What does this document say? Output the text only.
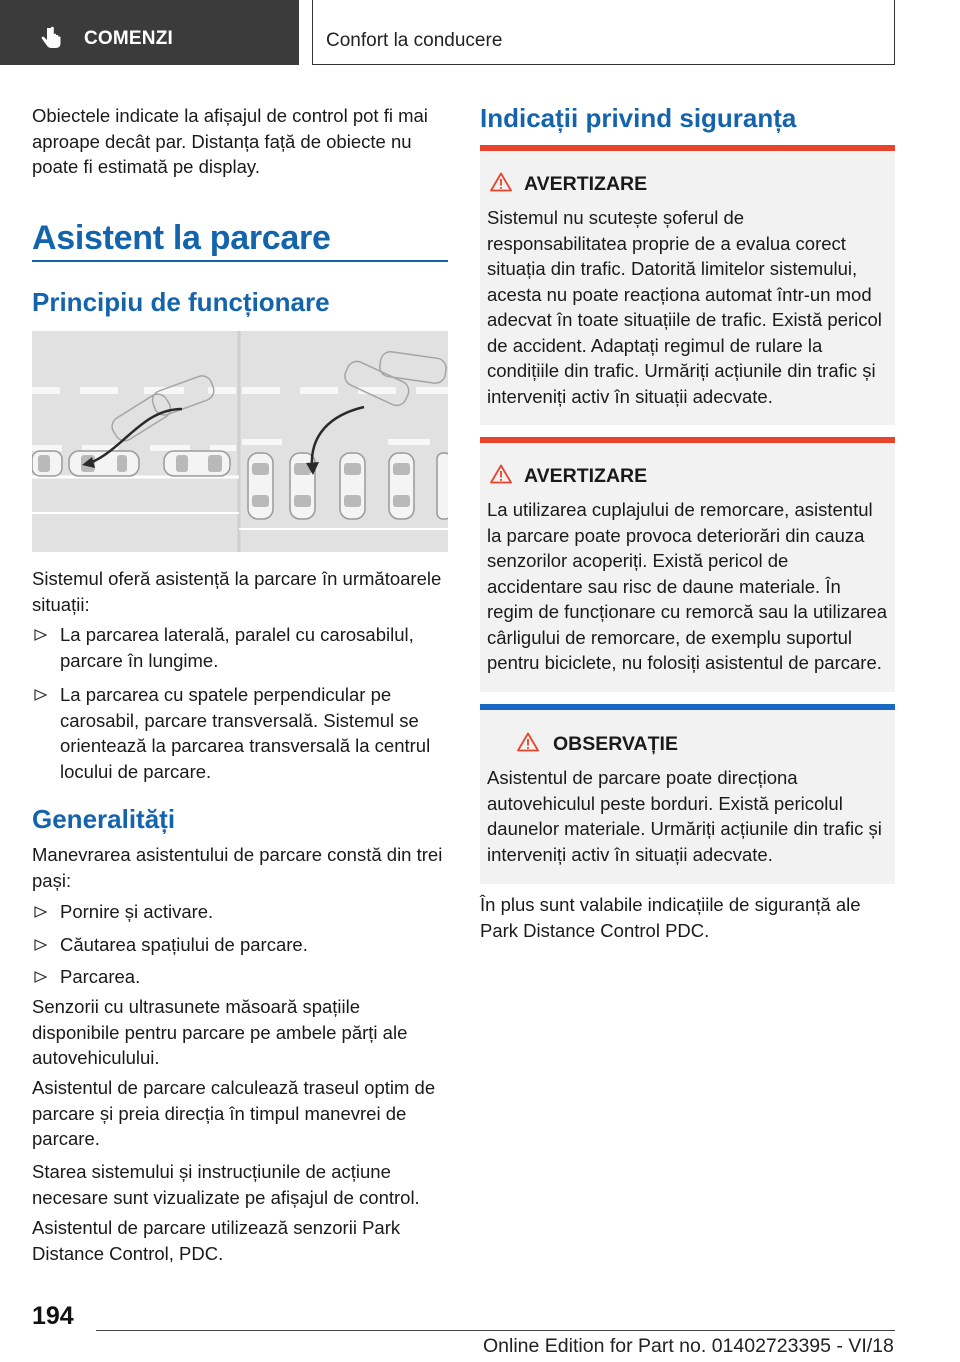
COMENZI	Confort la conducere
Obiectele indicate la afișajul de control pot fi mai aproape decât par. Distanța față de obiecte nu poate fi estimată pe display.
Asistent la parcare
Principiu de funcționare
Sistemul oferă asistență la parcare în următoarele situații:
La parcarea laterală, paralel cu carosabilul, parcare în lungime.
La parcarea cu spatele perpendicular pe carosabil, parcare transversală. Sistemul se orientează la parcarea transversală la centrul locului de parcare.
Generalități
Manevrarea asistentului de parcare constă din trei pași:
Pornire și activare.
Căutarea spațiului de parcare.
Parcarea.
Senzorii cu ultrasunete măsoară spațiile disponibile pentru parcare pe ambele părți ale autovehiculului.
Asistentul de parcare calculează traseul optim de parcare și preia direcția în timpul manevrei de parcare.
Starea sistemului și instrucțiunile de acțiune necesare sunt vizualizate pe afișajul de control.
Asistentul de parcare utilizează senzorii Park Distance Control, PDC.
Indicații privind siguranța
AVERTIZARE
Sistemul nu scutește șoferul de responsabilitatea proprie de a evalua corect situația din trafic. Datorită limitelor sistemului, acesta nu poate reacționa automat într-un mod adecvat în toate situațiile de trafic. Există pericol de accident. Adaptați regimul de rulare la condițiile din trafic. Urmăriți acțiunile din trafic și interveniți activ în situații adecvate.
AVERTIZARE
La utilizarea cuplajului de remorcare, asistentul la parcare poate provoca deteriorări din cauza senzorilor acoperiți. Există pericol de accidentare sau risc de daune materiale. În regim de funcționare cu remorcă sau la utilizarea cârligului de remorcare, de exemplu suportul pentru biciclete, nu folosiți asistentul de parcare.
OBSERVAȚIE
Asistentul de parcare poate direcționa autovehiculul peste borduri. Există pericolul daunelor materiale. Urmăriți acțiunile din trafic și interveniți activ în situații adecvate.
În plus sunt valabile indicațiile de siguranță ale Park Distance Control PDC.
194
Online Edition for Part no. 01402723395 - VI/18
